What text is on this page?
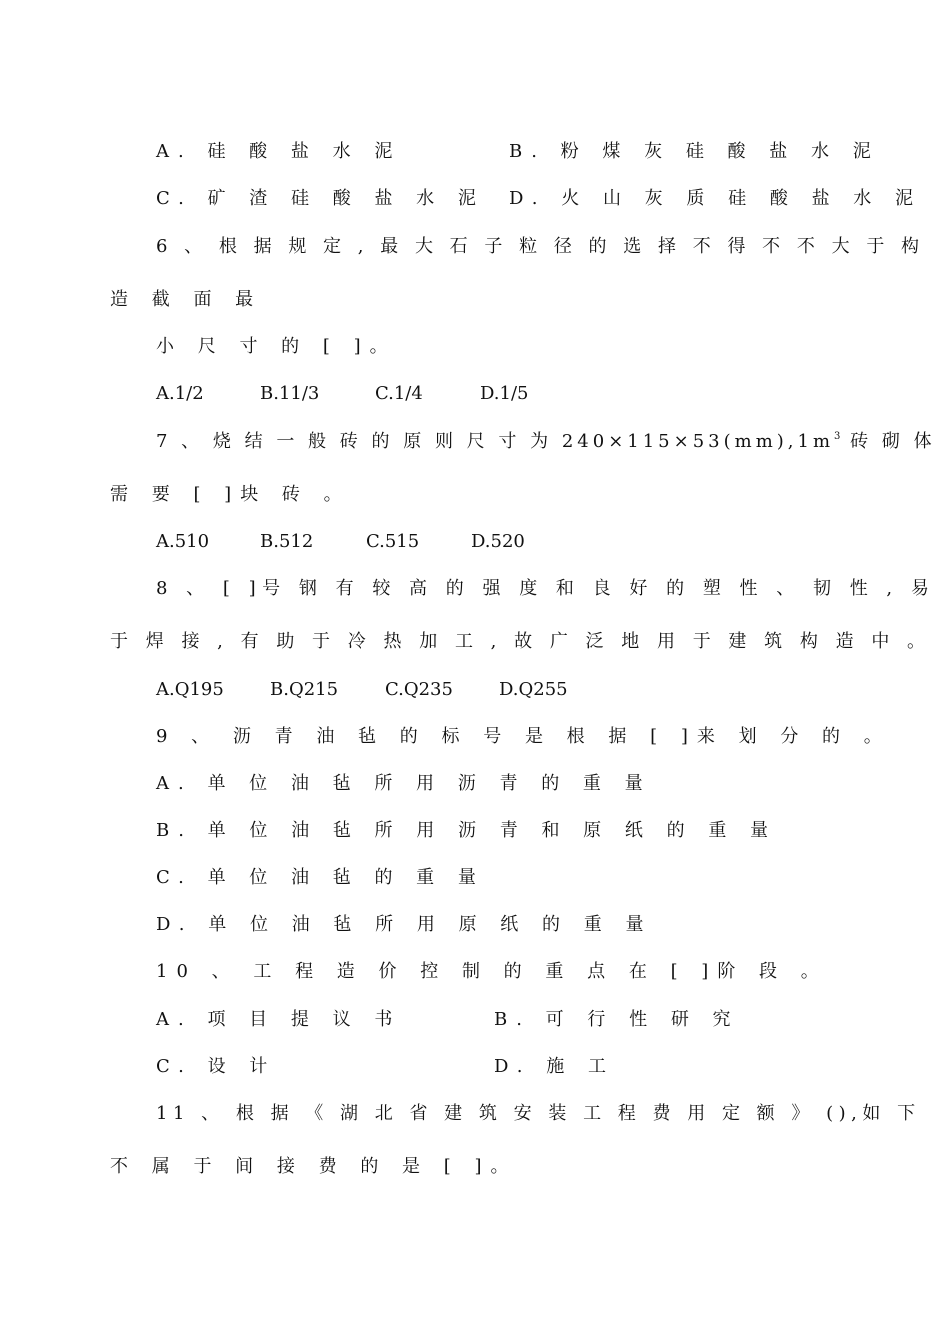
A. 硅 酸 盐 水 泥	B. 粉 煤 灰 硅 酸 盐 水 泥
C. 矿 渣 硅 酸 盐 水 泥 D. 火 山 灰 质 硅 酸 盐 水 泥
6 、 根 据 规 定 , 最 大 石 子 粒 径 的 选 择 不 得 不 不 大 于 构
造 截 面 最
小 尺 寸 的 [ ]。
A.1/2	B.11/3	C.1/4	D.1/5
7 、 烧 结 一 般 砖 的 原 则 尺 寸 为 $240\times 115\times 53(mm),1m^3$ 砖 砌 体
需 要 [ ]块 砖 。
A.510	B.512	C.515	D.520
8 、 [ ]号 钢 有 较 高 的 强 度 和 良 好 的 塑 性 、 韧 性 , 易
于 焊 接 , 有 助 于 冷 热 加 工 , 故 广 泛 地 用 于 建 筑 构 造 中 。
A.Q195	B.Q215	C.Q235	D.Q255
9 、 沥 青 油 毡 的 标 号 是 根 据 [ ]来 划 分 的 。
A. 单 位 油 毡 所 用 沥 青 的 重 量
B. 单 位 油 毡 所 用 沥 青 和 原 纸 的 重 量
C. 单 位 油 毡 的 重 量
D. 单 位 油 毡 所 用 原 纸 的 重 量
10 、 工 程 造 价 控 制 的 重 点 在 [ ]阶 段 。
A. 项 目 提 议 书	B. 可 行 性 研 究
C. 设 计	D. 施 工
11 、 根 据 《 湖 北 省 建 筑 安 装 工 程 费 用 定 额 》 (),如 下
不 属 于 间 接 费 的 是 [ ]。
